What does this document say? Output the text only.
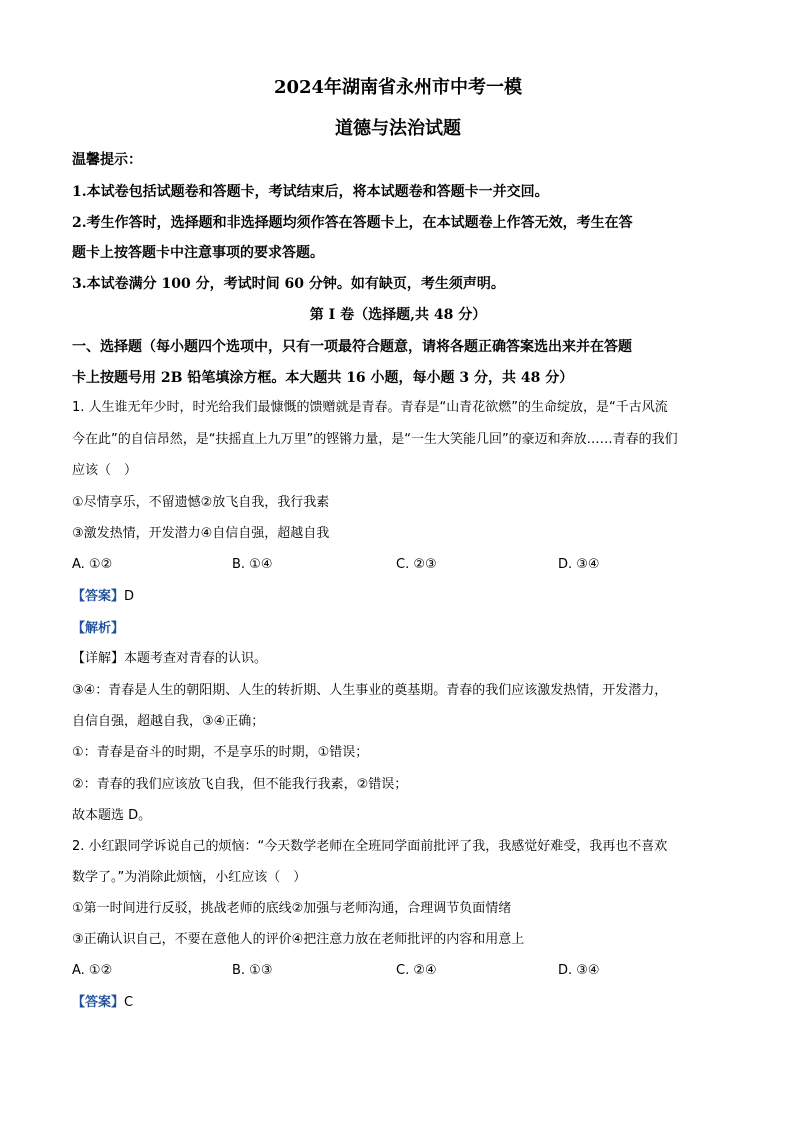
2024年湖南省永州市中考一模
道德与法治试题
温馨提示：
1.本试卷包括试题卷和答题卡，考试结束后，将本试题卷和答题卡一并交回。
2.考生作答时，选择题和非选择题均须作答在答题卡上，在本试题卷上作答无效，考生在答
题卡上按答题卡中注意事项的要求答题。
3.本试卷满分 100 分，考试时间 60 分钟。如有缺页，考生须声明。
第 I 卷（选择题,共 48 分）
一、选择题（每小题四个选项中，只有一项最符合题意，请将各题正确答案选出来并在答题
卡上按题号用 2B 铅笔填涂方框。本大题共 16 小题，每小题 3 分，共 48 分）
1. 人生谁无年少时，时光给我们最慷慨的馈赠就是青春。青春是“山青花欲燃”的生命绽放，是“千古风流
今在此”的自信昂然，是“扶摇直上九万里”的铿锵力量，是“一生大笑能几回”的豪迈和奔放……青春的我们
应该（　）
①尽情享乐，不留遗憾②放飞自我，我行我素
③激发热情，开发潜力④自信自强，超越自我
A. ①②	B. ①④	C. ②③	D. ③④
【答案】D
【解析】
【详解】本题考查对青春的认识。
③④：青春是人生的朝阳期、人生的转折期、人生事业的奠基期。青春的我们应该激发热情，开发潜力，
自信自强，超越自我，③④正确；
①：青春是奋斗的时期，不是享乐的时期，①错误；
②：青春的我们应该放飞自我，但不能我行我素，②错误；
故本题选 D。
2. 小红跟同学诉说自己的烦恼：“今天数学老师在全班同学面前批评了我，我感觉好难受，我再也不喜欢
数学了。”为消除此烦恼，小红应该（　）
①第一时间进行反驳，挑战老师的底线②加强与老师沟通，合理调节负面情绪
③正确认识自己，不要在意他人的评价④把注意力放在老师批评的内容和用意上
A. ①②	B. ①③	C. ②④	D. ③④
【答案】C
